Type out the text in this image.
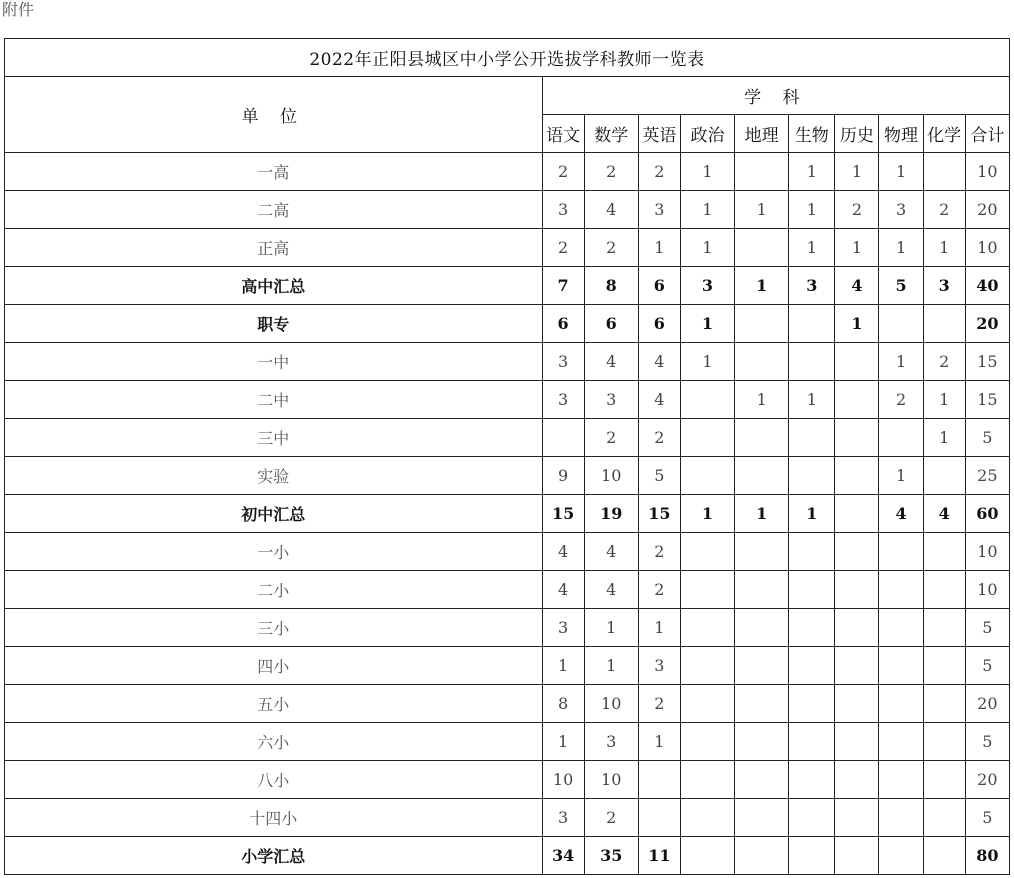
附件
2022年正阳县城区中小学公开选拔学科教师一览表										
单 位	学 科									
	语文	数学	英语	政治	地理	生物	历史	物理	化学	合计
一高	2	2	2	1		1	1	1		10
二高	3	4	3	1	1	1	2	3	2	20
正高	2	2	1	1		1	1	1	1	10
高中汇总	7	8	6	3	1	3	4	5	3	40
职专	6	6	6	1			1			20
一中	3	4	4	1				1	2	15
二中	3	3	4		1	1		2	1	15
三中		2	2						1	5
实验	9	10	5					1		25
初中汇总	15	19	15	1	1	1		4	4	60
一小	4	4	2							10
二小	4	4	2							10
三小	3	1	1							5
四小	1	1	3							5
五小	8	10	2							20
六小	1	3	1							5
八小	10	10								20
十四小	3	2								5
小学汇总	34	35	11							80
